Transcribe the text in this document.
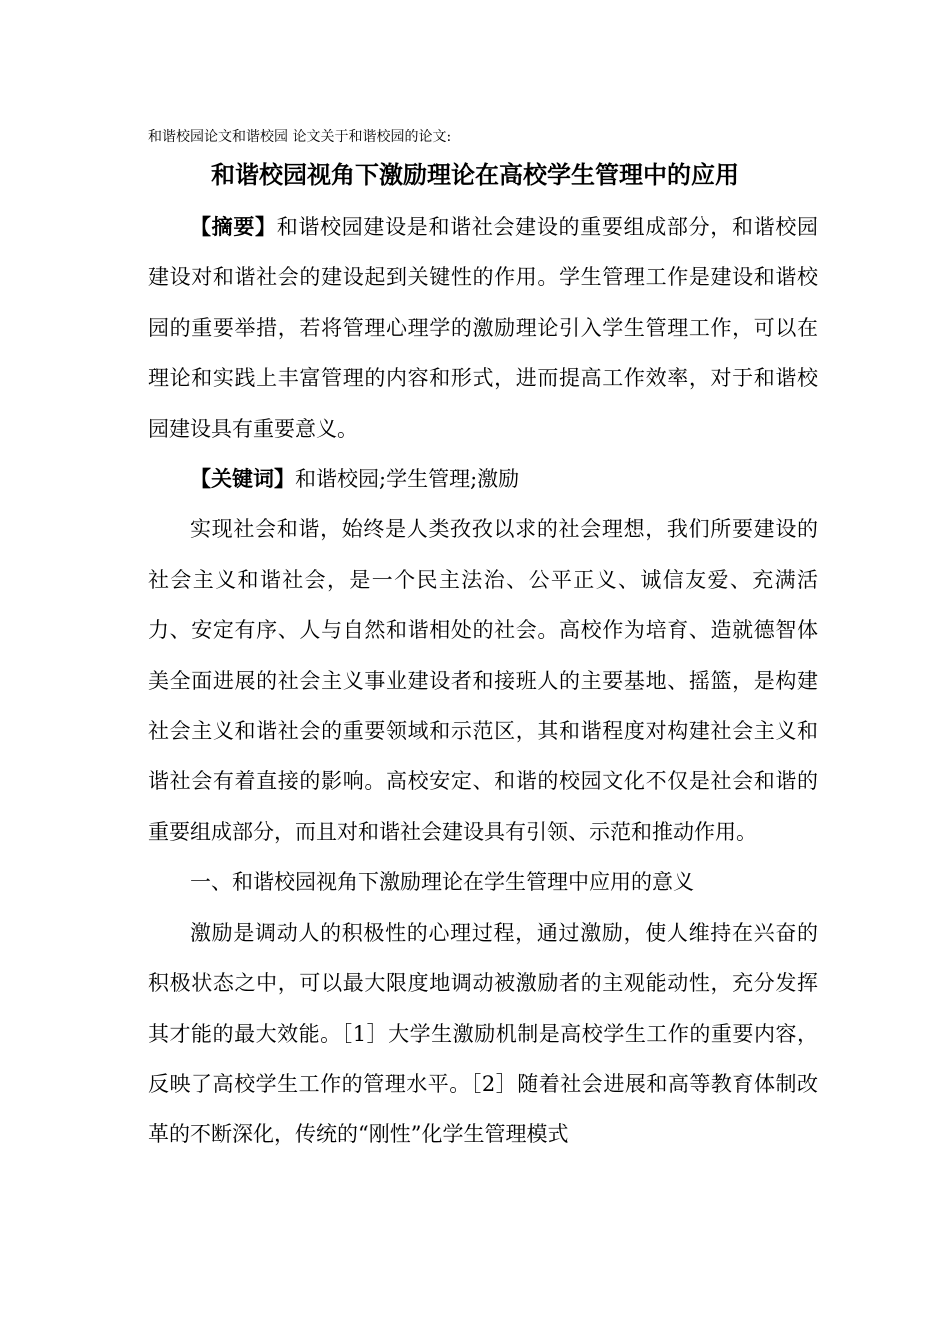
和谐校园论文和谐校园 论文关于和谐校园的论文:
和谐校园视角下激励理论在高校学生管理中的应用

【摘要】和谐校园建设是和谐社会建设的重要组成部分，和谐校园建设对和谐社会的建设起到关键性的作用。学生管理工作是建设和谐校园的重要举措，若将管理心理学的激励理论引入学生管理工作，可以在理论和实践上丰富管理的内容和形式，进而提高工作效率，对于和谐校园建设具有重要意义。

【关键词】和谐校园;学生管理;激励

实现社会和谐，始终是人类孜孜以求的社会理想，我们所要建设的社会主义和谐社会，是一个民主法治、公平正义、诚信友爱、充满活力、安定有序、人与自然和谐相处的社会。高校作为培育、造就德智体美全面进展的社会主义事业建设者和接班人的主要基地、摇篮，是构建社会主义和谐社会的重要领域和示范区，其和谐程度对构建社会主义和谐社会有着直接的影响。高校安定、和谐的校园文化不仅是社会和谐的重要组成部分，而且对和谐社会建设具有引领、示范和推动作用。

一、和谐校园视角下激励理论在学生管理中应用的意义

激励是调动人的积极性的心理过程，通过激励，使人维持在兴奋的积极状态之中，可以最大限度地调动被激励者的主观能动性，充分发挥其才能的最大效能。［1］大学生激励机制是高校学生工作的重要内容，反映了高校学生工作的管理水平。［2］随着社会进展和高等教育体制改革的不断深化，传统的“刚性”化学生管理模式
